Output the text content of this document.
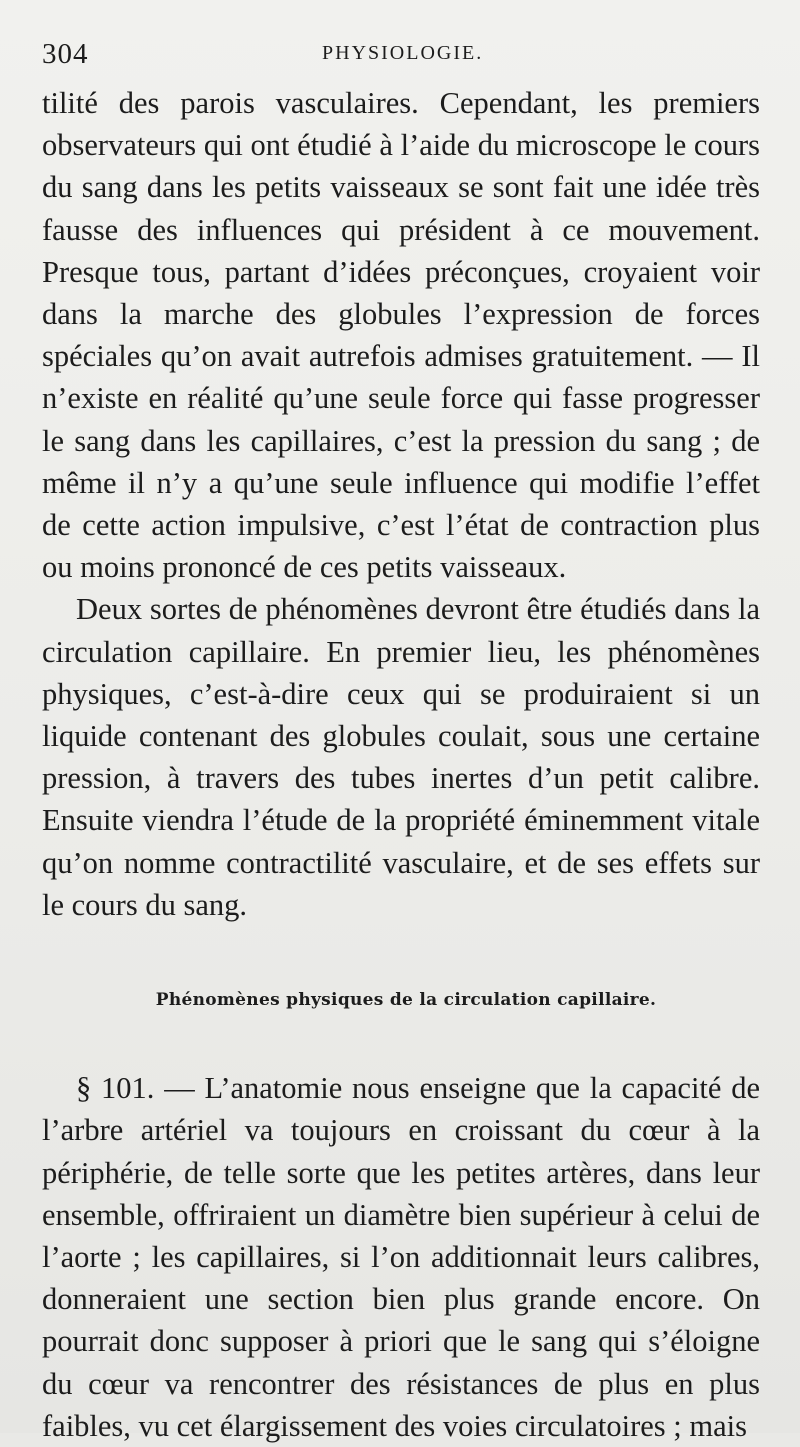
304	PHYSIOLOGIE.

tilité des parois vasculaires. Cependant, les premiers observateurs qui ont étudié à l’aide du microscope le cours du sang dans les petits vaisseaux se sont fait une idée très fausse des influences qui président à ce mouvement. Presque tous, partant d’idées préconçues, croyaient voir dans la marche des globules l’expression de forces spéciales qu’on avait autrefois admises gratuitement. — Il n’existe en réalité qu’une seule force qui fasse progresser le sang dans les capillaires, c’est la pression du sang ; de même il n’y a qu’une seule influence qui modifie l’effet de cette action impulsive, c’est l’état de contraction plus ou moins prononcé de ces petits vaisseaux.

Deux sortes de phénomènes devront être étudiés dans la circulation capillaire. En premier lieu, les phénomènes physiques, c’est-à-dire ceux qui se produiraient si un liquide contenant des globules coulait, sous une certaine pression, à travers des tubes inertes d’un petit calibre. Ensuite viendra l’étude de la propriété éminemment vitale qu’on nomme contractilité vasculaire, et de ses effets sur le cours du sang.

Phénomènes physiques de la circulation capillaire.

§ 101. — L’anatomie nous enseigne que la capacité de l’arbre artériel va toujours en croissant du cœur à la périphérie, de telle sorte que les petites artères, dans leur ensemble, offriraient un diamètre bien supérieur à celui de l’aorte ; les capillaires, si l’on additionnait leurs calibres, donneraient une section bien plus grande encore. On pourrait donc supposer à priori que le sang qui s’éloigne du cœur va rencontrer des résistances de plus en plus faibles, vu cet élargissement des voies circulatoires ; mais
